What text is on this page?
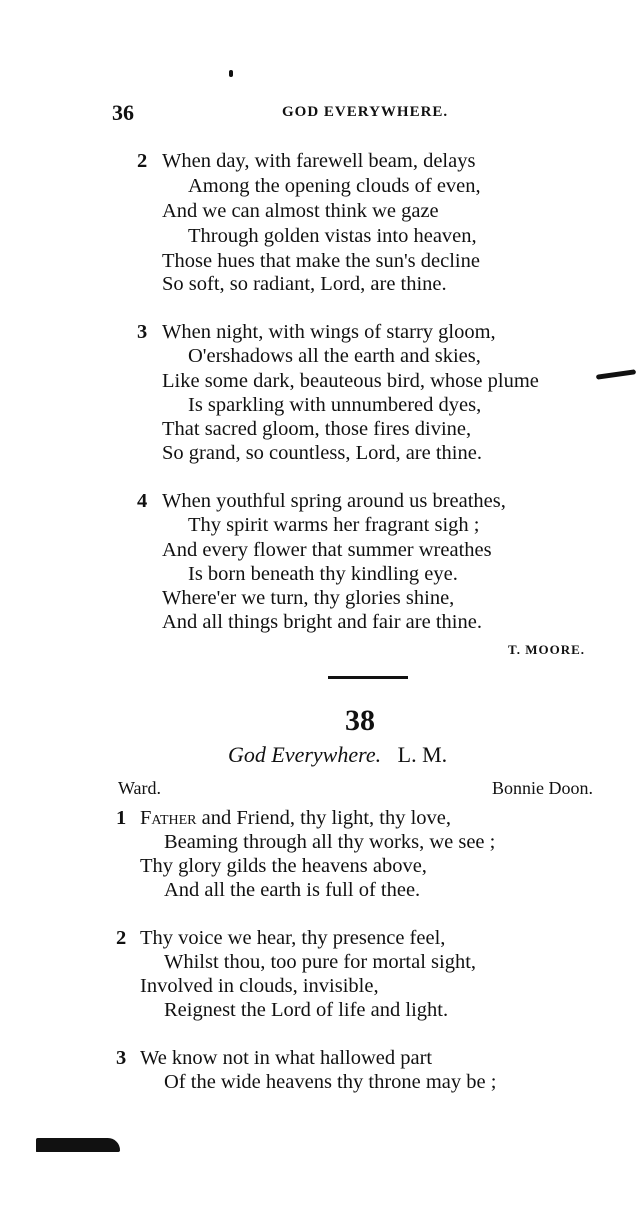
36	GOD EVERYWHERE.
2 When day, with farewell beam, delays
Among the opening clouds of even,
And we can almost think we gaze
Through golden vistas into heaven,
Those hues that make the sun's decline
So soft, so radiant, Lord, are thine.
3 When night, with wings of starry gloom,
O'ershadows all the earth and skies,
Like some dark, beauteous bird, whose plume
Is sparkling with unnumbered dyes,
That sacred gloom, those fires divine,
So grand, so countless, Lord, are thine.
4 When youthful spring around us breathes,
Thy spirit warms her fragrant sigh ;
And every flower that summer wreathes
Is born beneath thy kindling eye.
Where'er we turn, thy glories shine,
And all things bright and fair are thine.
T. MOORE.
38
God Everywhere. L. M.
Ward.	Bonnie Doon.
1 Father and Friend, thy light, thy love,
Beaming through all thy works, we see ;
Thy glory gilds the heavens above,
And all the earth is full of thee.
2 Thy voice we hear, thy presence feel,
Whilst thou, too pure for mortal sight,
Involved in clouds, invisible,
Reignest the Lord of life and light.
3 We know not in what hallowed part
Of the wide heavens thy throne may be ;
